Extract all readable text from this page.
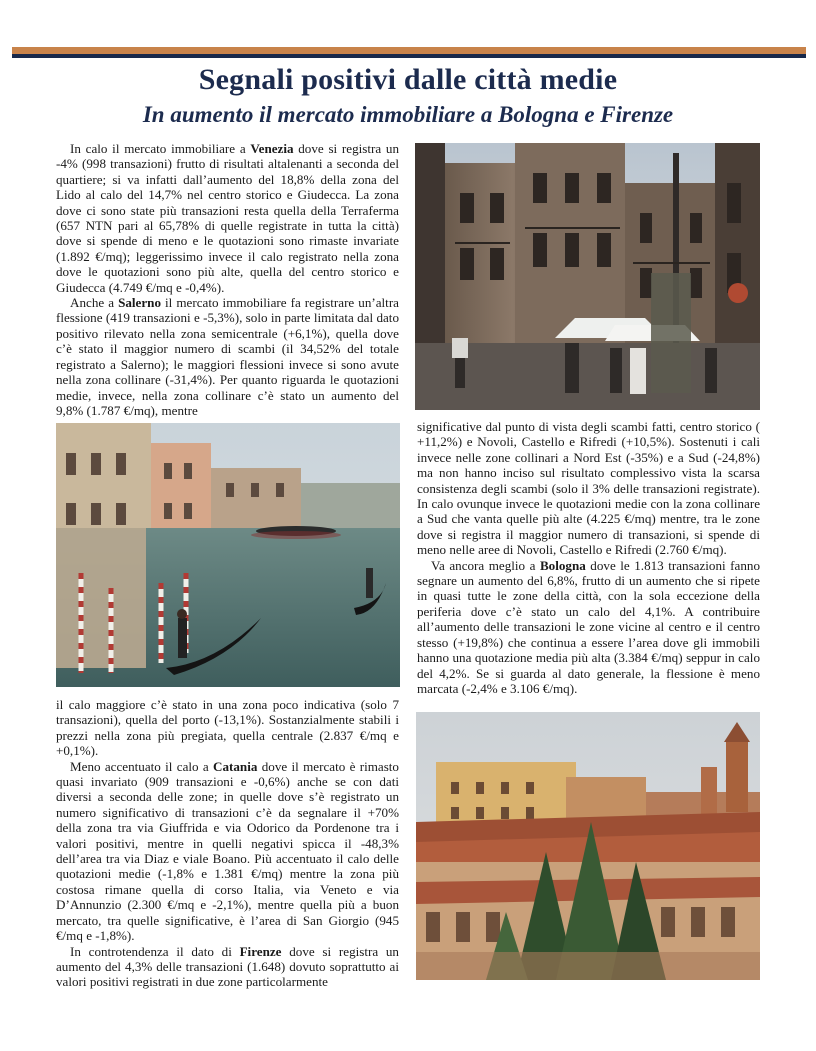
Segnali positivi dalle città medie
In aumento il mercato immobiliare a Bologna e Firenze

In calo il mercato immobiliare a Venezia dove si registra un -4% (998 transazioni) frutto di risultati altalenanti a seconda del quartiere; si va infatti dall’aumento del 18,8% della zona del Lido al calo del 14,7% nel centro storico e Giudecca. La zona dove ci sono state più transazioni resta quella della Terraferma (657 NTN pari al 65,78% di quelle registrate in tutta la città) dove si spende di meno e le quotazioni sono rimaste invariate (1.892 €/mq); leggerissimo invece il calo registrato nella zona dove le quotazioni sono più alte, quella del centro storico e Giudecca (4.749 €/mq e -0,4%).

Anche a Salerno il mercato immobiliare fa registrare un’altra flessione (419 transazioni e -5,3%), solo in parte limitata dal dato positivo rilevato nella zona semicentrale (+6,1%), quella dove c’è stato il maggior numero di scambi (il 34,52% del totale registrato a Salerno); le maggiori flessioni invece si sono avute nella zona collinare (-31,4%). Per quanto riguarda le quotazioni medie, invece, nella zona collinare c’è stato un aumento del 9,8% (1.787 €/mq), mentre

il calo maggiore c’è stato in una zona poco indicativa (solo 7 transazioni), quella del porto (-13,1%). Sostanzialmente stabili i prezzi nella zona più pregiata, quella centrale (2.837 €/mq e +0,1%).

Meno accentuato il calo a Catania dove il mercato è rimasto quasi invariato (909 transazioni e -0,6%) anche se con dati diversi a seconda delle zone; in quelle dove s’è registrato un numero significativo di transazioni c’è da segnalare il +70% della zona tra via Giuffrida e via Odorico da Pordenone tra i valori positivi, mentre in quelli negativi spicca il -48,3% dell’area tra via Diaz e viale Boano. Più accentuato il calo delle quotazioni medie (-1,8% e 1.381 €/mq) mentre la zona più costosa rimane quella di corso Italia, via Veneto e via D’Annunzio (2.300 €/mq e -2,1%), mentre quella più a buon mercato, tra quelle significative, è l’area di San Giorgio (945 €/mq e -1,8%).

In controtendenza il dato di Firenze dove si registra un aumento del 4,3% delle transazioni (1.648) dovuto soprattutto ai valori positivi registrati in due zone particolarmente

significative dal punto di vista degli scambi fatti, centro storico ( +11,2%) e Novoli, Castello e Rifredi (+10,5%). Sostenuti i cali invece nelle zone collinari a Nord Est (-35%) e a Sud (-24,8%) ma non hanno inciso sul risultato complessivo vista la scarsa consistenza degli scambi (solo il 3% delle transazioni registrate). In calo ovunque invece le quotazioni medie con la zona collinare a Sud che vanta quelle più alte (4.225 €/mq) mentre, tra le zone dove si registra il maggior numero di transazioni, si spende di meno nelle aree di Novoli, Castello e Rifredi (2.760 €/mq).

Va ancora meglio a Bologna dove le 1.813 transazioni fanno segnare un aumento del 6,8%, frutto di un aumento che si ripete in quasi tutte le zone della città, con la sola eccezione della periferia dove c’è stato un calo del 4,1%. A contribuire all’aumento delle transazioni le zone vicine al centro e il centro stesso (+19,8%) che continua a essere l’area dove gli immobili hanno una quotazione media più alta (3.384 €/mq) seppur in calo del 4,2%. Se si guarda al dato generale, la flessione è meno marcata (-2,4% e 3.106 €/mq).
